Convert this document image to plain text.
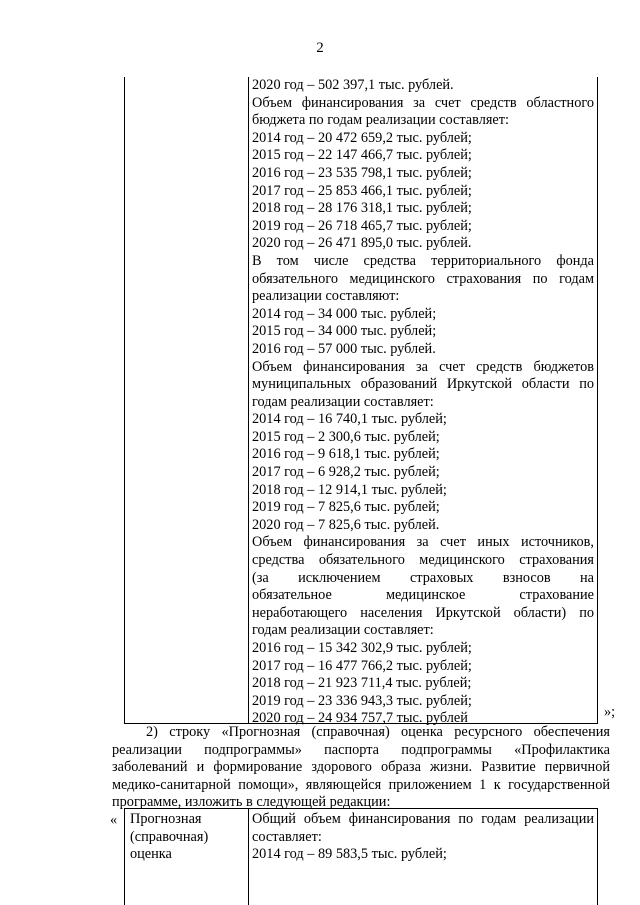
2
2020 год – 502 397,1 тыс. рублей.
Объем финансирования за счет средств областного
бюджета по годам реализации составляет:
2014 год – 20 472 659,2 тыс. рублей;
2015 год – 22 147 466,7 тыс. рублей;
2016 год – 23 535 798,1 тыс. рублей;
2017 год – 25 853 466,1 тыс. рублей;
2018 год – 28 176 318,1 тыс. рублей;
2019 год – 26 718 465,7 тыс. рублей;
2020 год – 26 471 895,0 тыс. рублей.
В том числе средства территориального фонда
обязательного медицинского страхования по годам
реализации составляют:
2014 год – 34 000 тыс. рублей;
2015 год – 34 000 тыс. рублей;
2016 год – 57 000 тыс. рублей.
Объем финансирования за счет средств бюджетов
муниципальных образований Иркутской области по
годам реализации составляет:
2014 год – 16 740,1 тыс. рублей;
2015 год – 2 300,6 тыс. рублей;
2016 год – 9 618,1 тыс. рублей;
2017 год – 6 928,2 тыс. рублей;
2018 год – 12 914,1 тыс. рублей;
2019 год – 7 825,6 тыс. рублей;
2020 год – 7 825,6 тыс. рублей.
Объем финансирования за счет иных источников,
средства обязательного медицинского страхования
(за исключением страховых взносов на
обязательное медицинское страхование
неработающего населения Иркутской области) по
годам реализации составляет:
2016 год – 15 342 302,9 тыс. рублей;
2017 год – 16 477 766,2 тыс. рублей;
2018 год – 21 923 711,4 тыс. рублей;
2019 год – 23 336 943,3 тыс. рублей;
2020 год – 24 934 757,7 тыс. рублей	»;
2) строку «Прогнозная (справочная) оценка ресурсного обеспечения
реализации подпрограммы» паспорта подпрограммы «Профилактика
заболеваний и формирование здорового образа жизни. Развитие первичной
медико-санитарной помощи», являющейся приложением 1 к государственной
программе, изложить в следующей редакции:
« Прогнозная
(справочная)
оценка
Общий объем финансирования по годам реализации
составляет:
2014 год – 89 583,5 тыс. рублей;
